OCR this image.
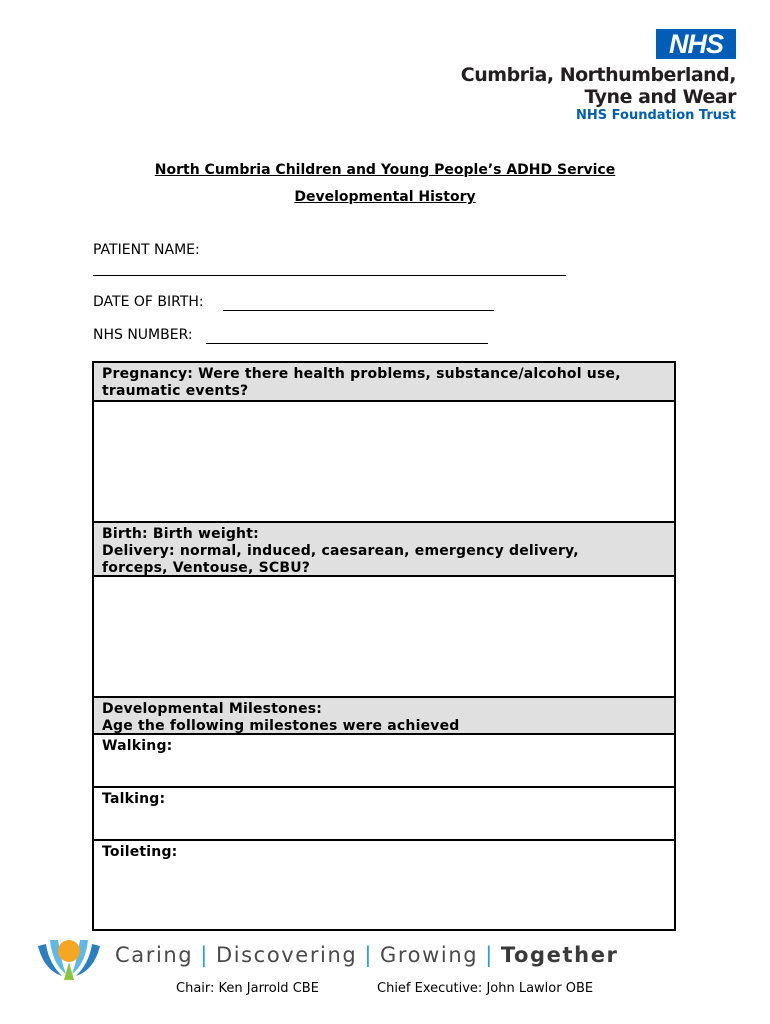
NHS
Cumbria, Northumberland,
Tyne and Wear
NHS Foundation Trust
North Cumbria Children and Young People’s ADHD Service
Developmental History
PATIENT NAME:
DATE OF BIRTH:
NHS NUMBER:
Pregnancy: Were there health problems, substance/alcohol use,
traumatic events?
Birth: Birth weight:
Delivery: normal, induced, caesarean, emergency delivery,
forceps, Ventouse, SCBU?
Developmental Milestones:
Age the following milestones were achieved
Walking:
Talking:
Toileting:
Caring | Discovering | Growing | Together
Chair: Ken Jarrold CBE	Chief Executive: John Lawlor OBE
